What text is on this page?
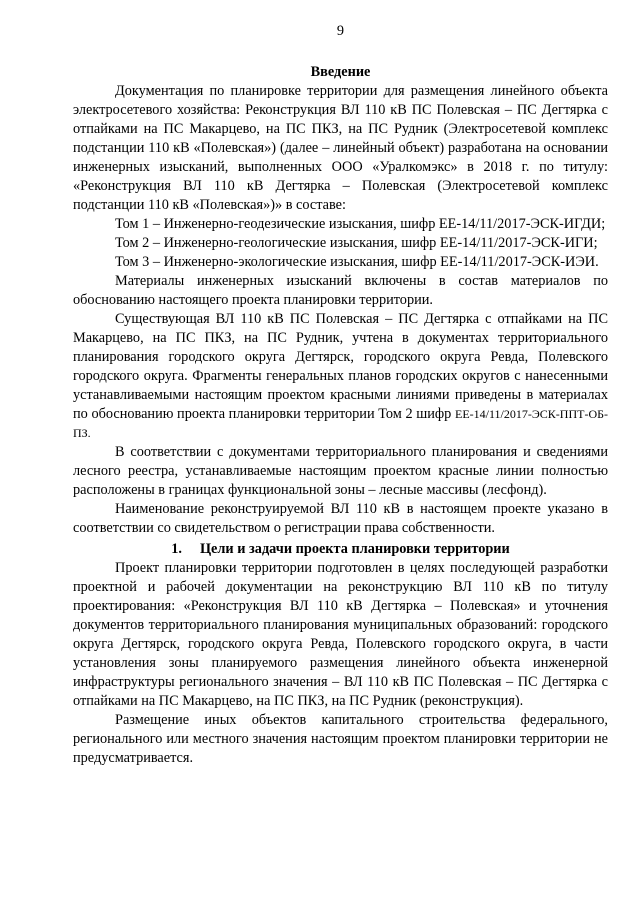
9
Введение

Документация по планировке территории для размещения линейного объекта электросетевого хозяйства: Реконструкция ВЛ 110 кВ ПС Полевская – ПС Дегтярка с отпайками на ПС Макарцево, на ПС ПКЗ, на ПС Рудник (Электросетевой комплекс подстанции 110 кВ «Полевская») (далее – линейный объект) разработана на основании инженерных изысканий, выполненных ООО «Уралкомэкс» в 2018 г. по титулу: «Реконструкция ВЛ 110 кВ Дегтярка – Полевская (Электросетевой комплекс подстанции 110 кВ «Полевская»)» в составе:

Том 1 – Инженерно-геодезические изыскания, шифр ЕЕ-14/11/2017-ЭСК-ИГДИ;

Том 2 – Инженерно-геологические изыскания, шифр ЕЕ-14/11/2017-ЭСК-ИГИ;

Том 3 – Инженерно-экологические изыскания, шифр ЕЕ-14/11/2017-ЭСК-ИЭИ.

Материалы инженерных изысканий включены в состав материалов по обоснованию настоящего проекта планировки территории.

Существующая ВЛ 110 кВ ПС Полевская – ПС Дегтярка с отпайками на ПС Макарцево, на ПС ПКЗ, на ПС Рудник, учтена в документах территориального планирования городского округа Дегтярск, городского округа Ревда, Полевского городского округа. Фрагменты генеральных планов городских округов с нанесенными устанавливаемыми настоящим проектом красными линиями приведены в материалах по обоснованию проекта планировки территории Том 2 шифр ЕЕ-14/11/2017-ЭСК-ППТ-ОБ-ПЗ.

В соответствии с документами территориального планирования и сведениями лесного реестра, устанавливаемые настоящим проектом красные линии полностью расположены в границах функциональной зоны – лесные массивы (лесфонд).

Наименование реконструируемой ВЛ 110 кВ в настоящем проекте указано в соответствии со свидетельством о регистрации права собственности.

1. Цели и задачи проекта планировки территории

Проект планировки территории подготовлен в целях последующей разработки проектной и рабочей документации на реконструкцию ВЛ 110 кВ по титулу проектирования: «Реконструкция ВЛ 110 кВ Дегтярка – Полевская» и уточнения документов территориального планирования муниципальных образований: городского округа Дегтярск, городского округа Ревда, Полевского городского округа, в части установления зоны планируемого размещения линейного объекта инженерной инфраструктуры регионального значения – ВЛ 110 кВ ПС Полевская – ПС Дегтярка с отпайками на ПС Макарцево, на ПС ПКЗ, на ПС Рудник (реконструкция).

Размещение иных объектов капитального строительства федерального, регионального или местного значения настоящим проектом планировки территории не предусматривается.
